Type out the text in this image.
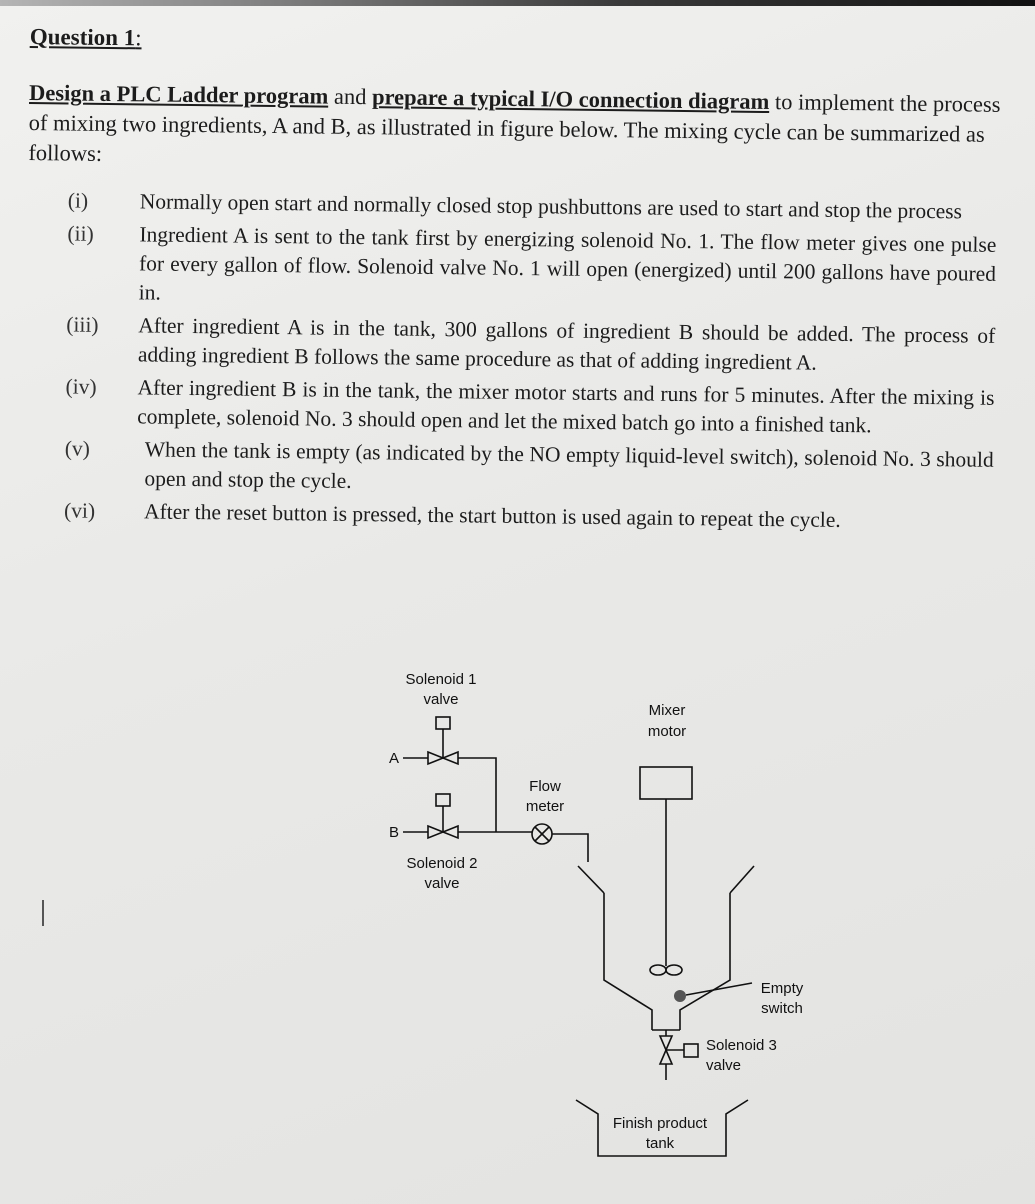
Question 1:

Design a PLC Ladder program and prepare a typical I/O connection diagram to implement the process of mixing two ingredients, A and B, as illustrated in figure below. The mixing cycle can be summarized as follows:

(i)	Normally open start and normally closed stop pushbuttons are used to start and stop the process
(ii)	Ingredient A is sent to the tank first by energizing solenoid No. 1. The flow meter gives one pulse for every gallon of flow. Solenoid valve No. 1 will open (energized) until 200 gallons have poured in.
(iii)	After ingredient A is in the tank, 300 gallons of ingredient B should be added. The process of adding ingredient B follows the same procedure as that of adding ingredient A.
(iv)	After ingredient B is in the tank, the mixer motor starts and runs for 5 minutes. After the mixing is complete, solenoid No. 3 should open and let the mixed batch go into a finished tank.
(v)	When the tank is empty (as indicated by the NO empty liquid-level switch), solenoid No. 3 should open and stop the cycle.
(vi)	After the reset button is pressed, the start button is used again to repeat the cycle.
Solenoid 1
valve
A
B
Solenoid 2
valve
Flow
meter
Mixer
motor
Empty
switch
Solenoid 3
valve
Finish product
tank
